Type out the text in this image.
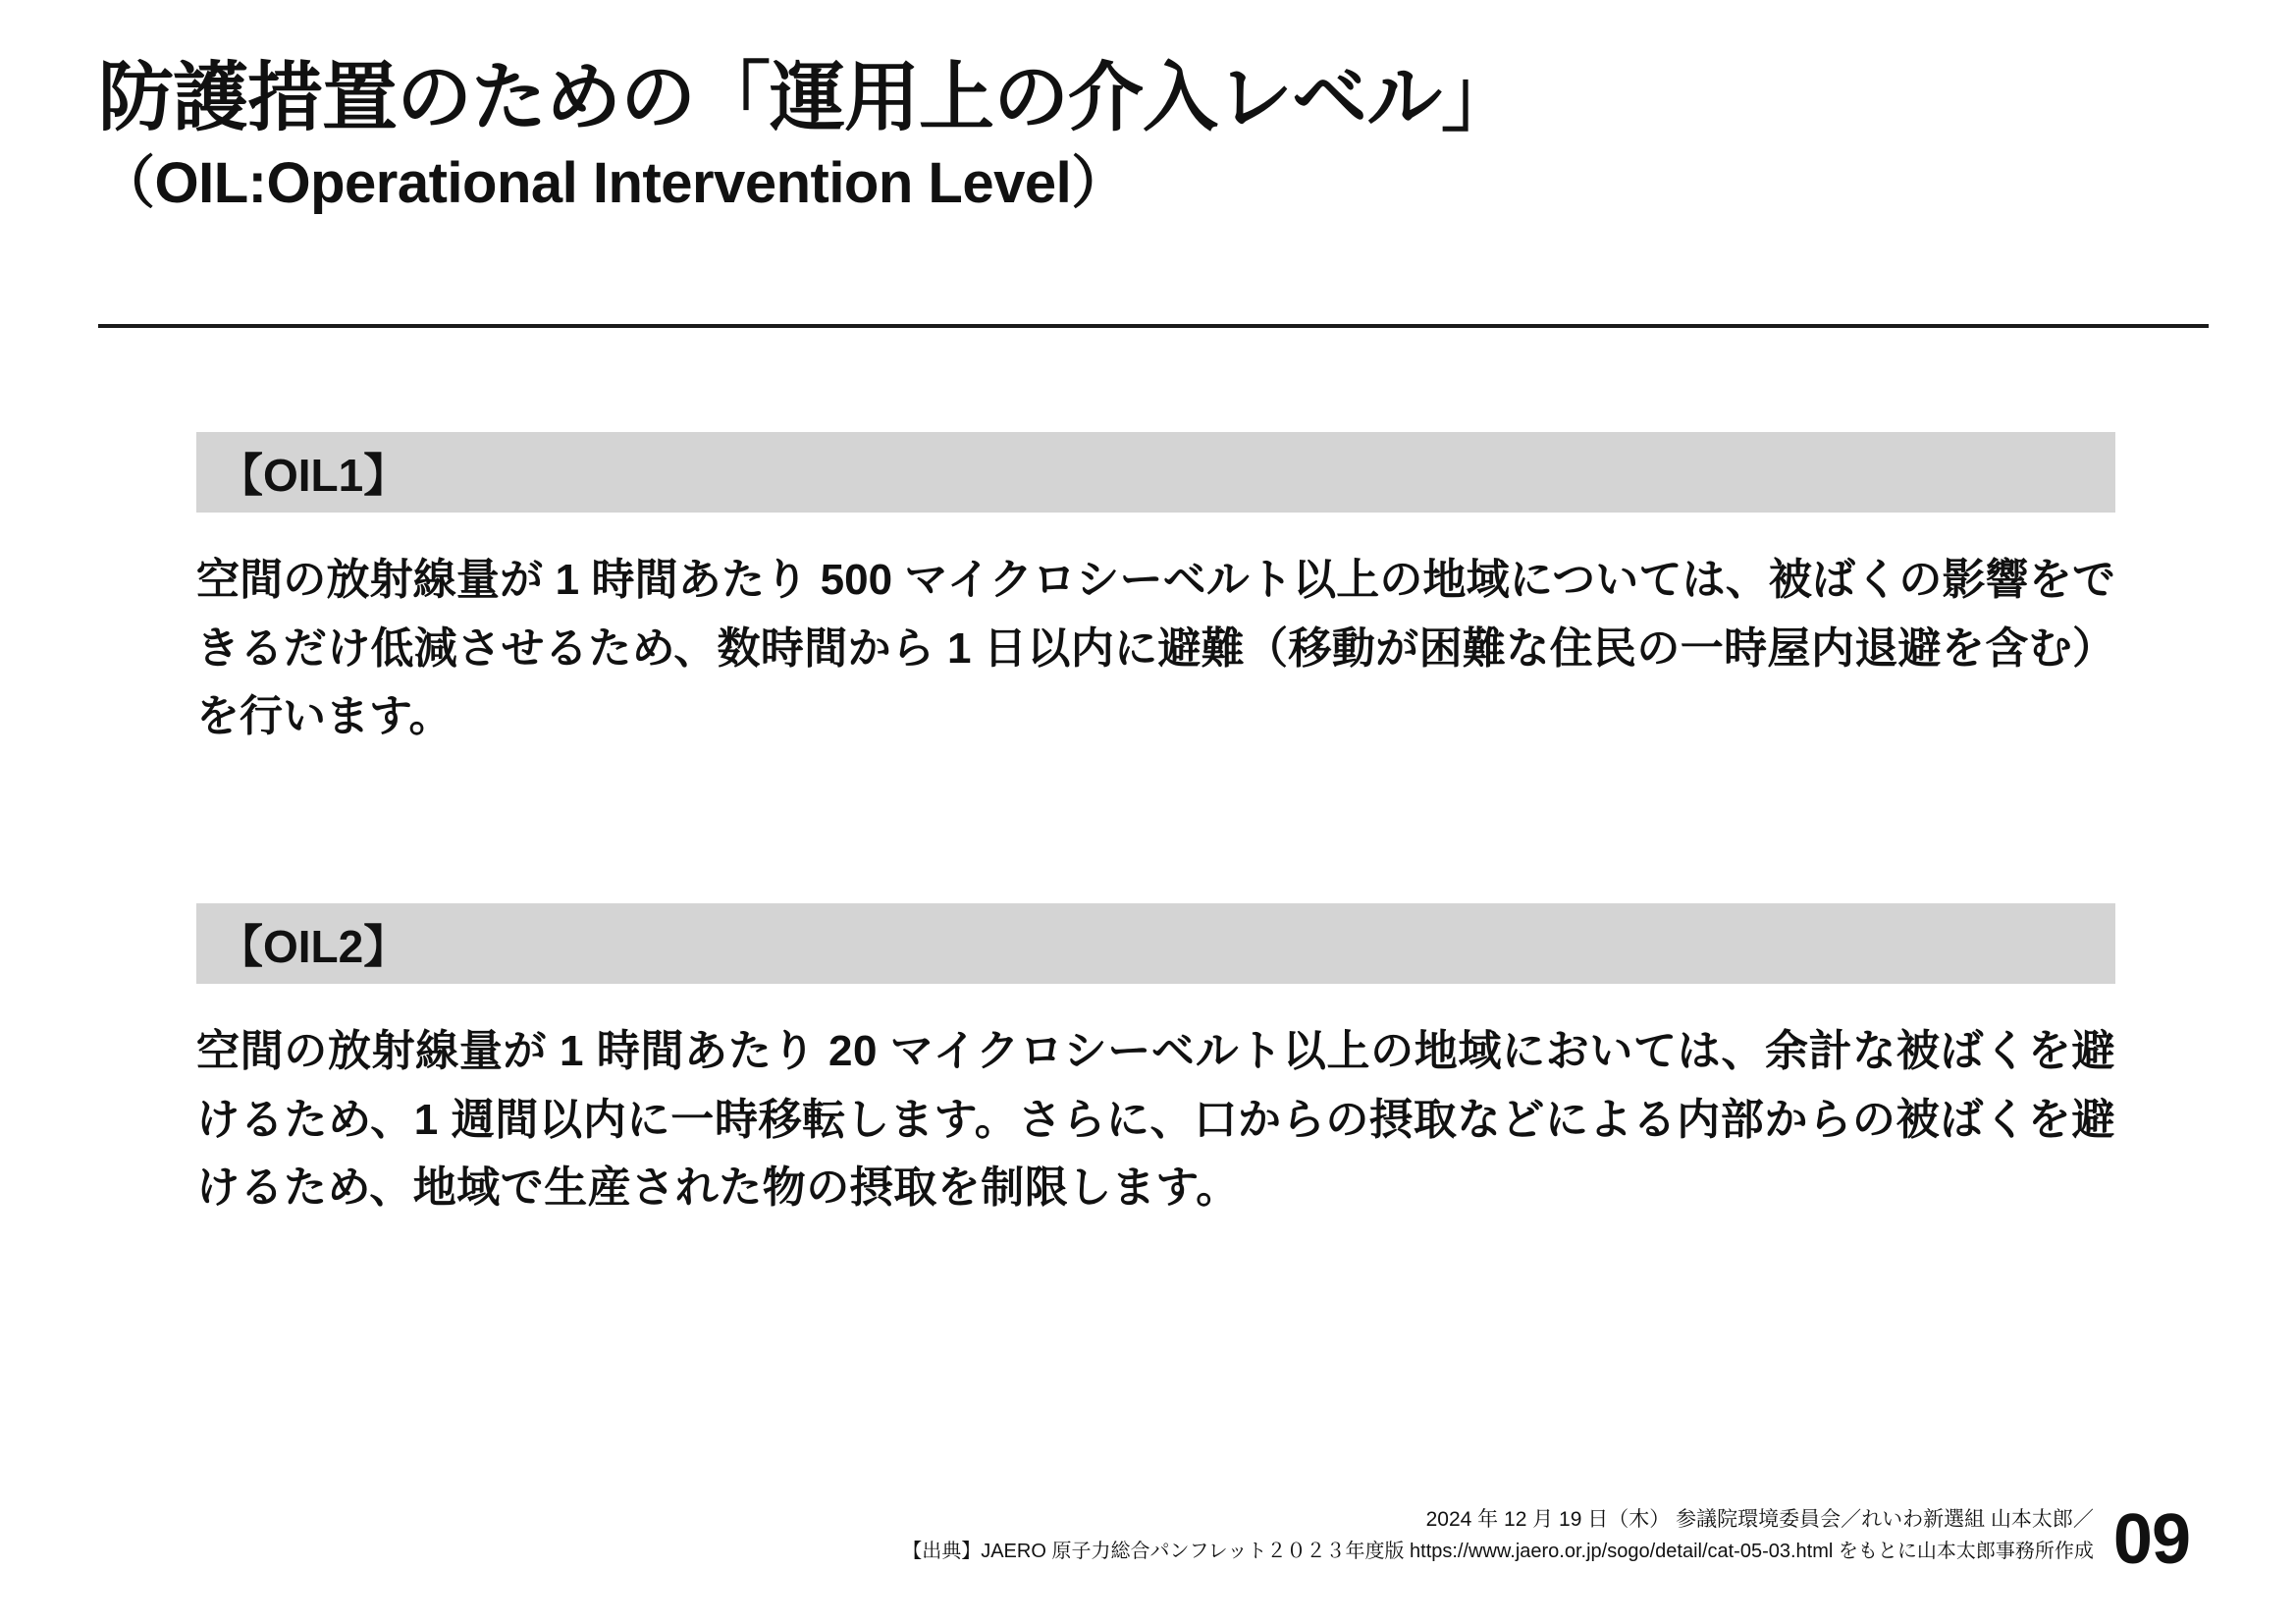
防護措置のための「運用上の介入レベル」
（OIL:Operational Intervention Level）
【OIL1】
空間の放射線量が 1 時間あたり 500 マイクロシーベルト以上の地域については、被ばくの影響をできるだけ低減させるため、数時間から 1 日以内に避難（移動が困難な住民の一時屋内退避を含む）を行います。
【OIL2】
空間の放射線量が 1 時間あたり 20 マイクロシーベルト以上の地域においては、余計な被ばくを避けるため、1 週間以内に一時移転します。さらに、口からの摂取などによる内部からの被ばくを避けるため、地域で生産された物の摂取を制限します。
2024 年 12 月 19 日（木） 参議院環境委員会／れいわ新選組 山本太郎／
【出典】JAERO 原子力総合パンフレット２０２３年度版 https://www.jaero.or.jp/sogo/detail/cat-05-03.html をもとに山本太郎事務所作成 09
